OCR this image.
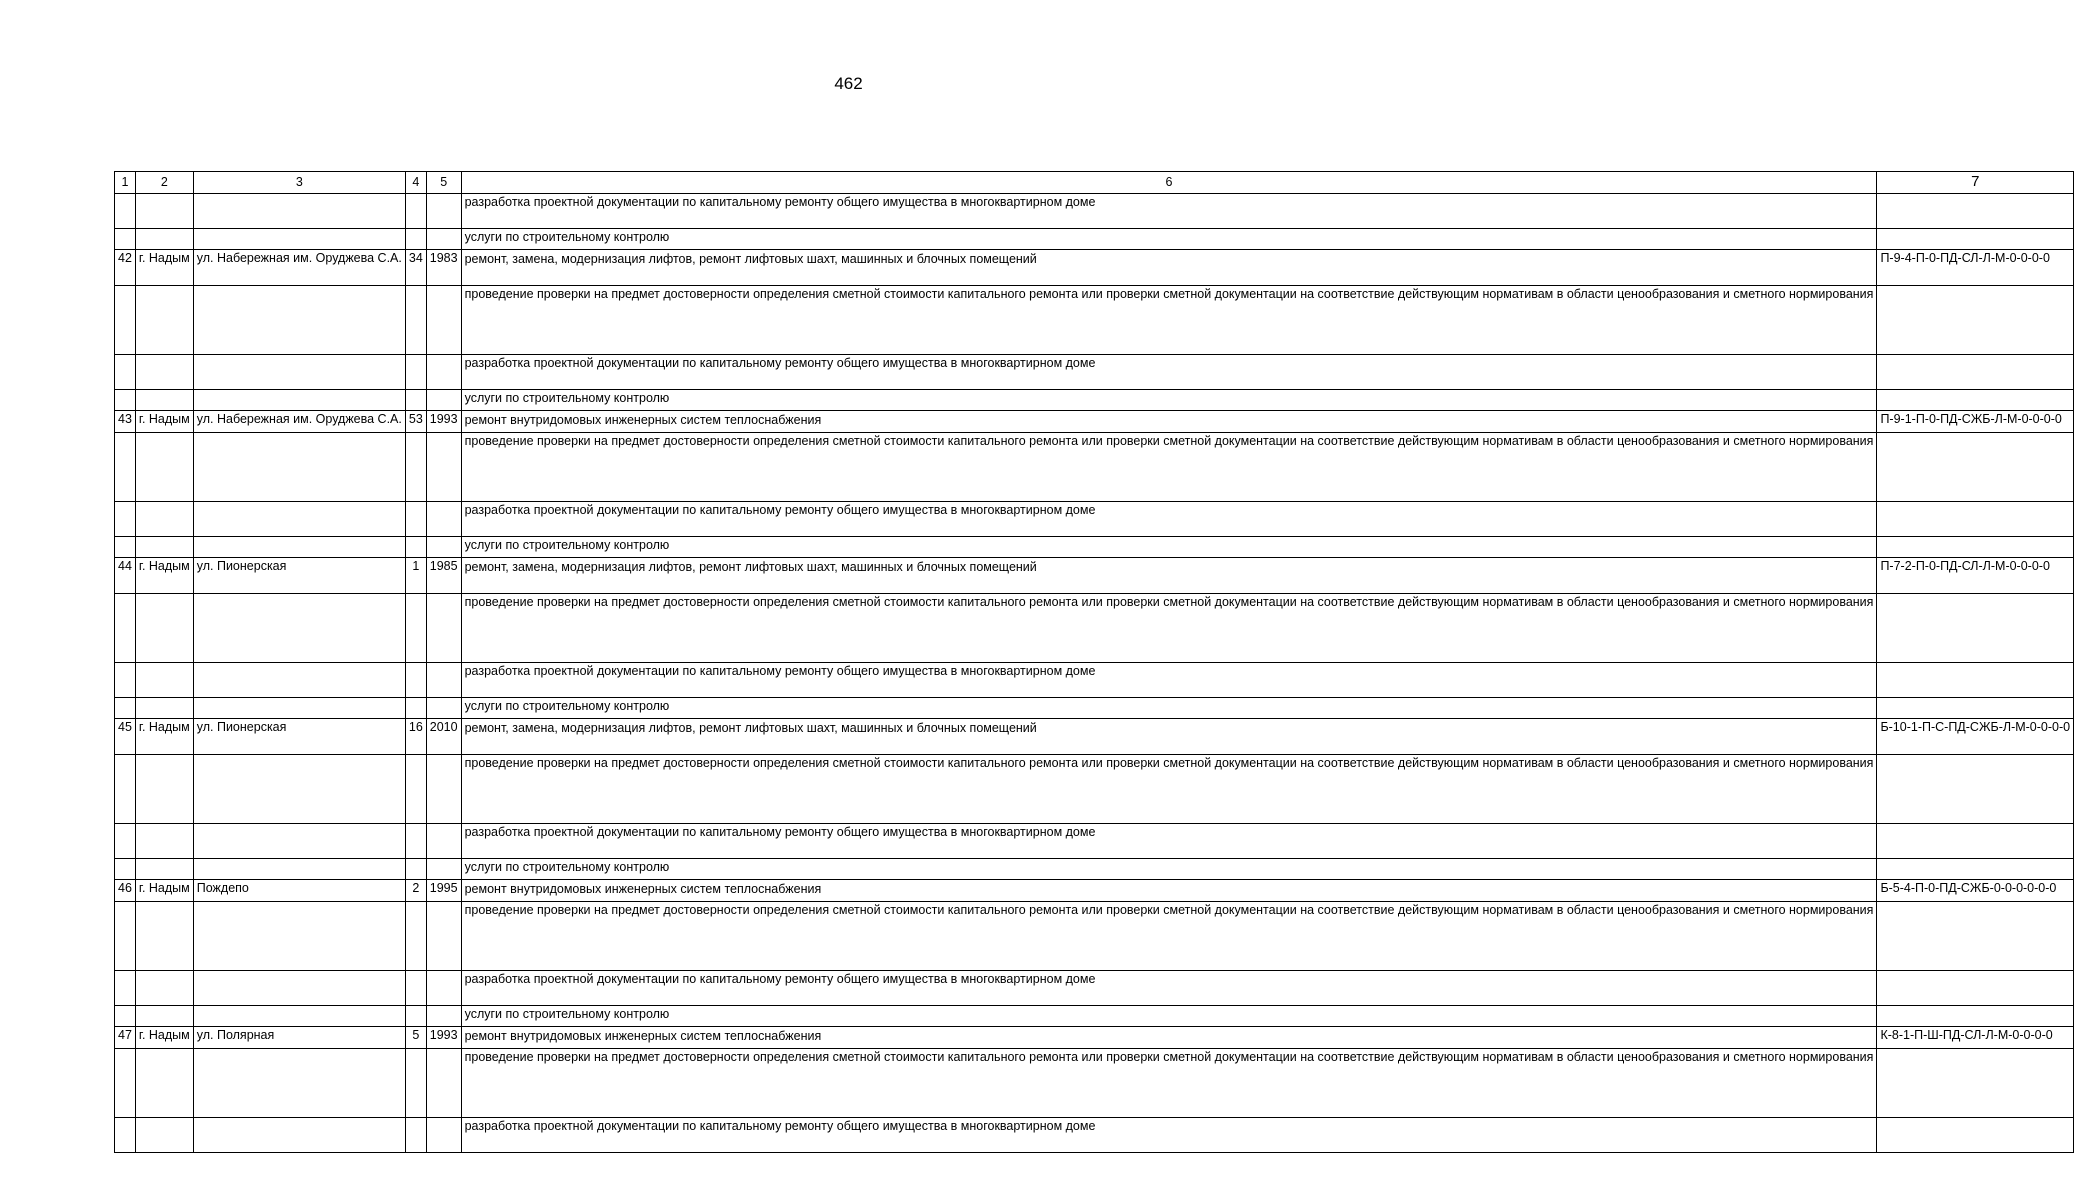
462
1	2	3	4	5	6	7
					разработка проектной документации по капитальному ремонту общего имущества в многоквартирном доме	
					услуги по строительному контролю	
42	г. Надым	ул. Набережная им. Оруджева С.А.	34	1983	ремонт, замена, модернизация лифтов, ремонт лифтовых шахт, машинных и блочных помещений	П-9-4-П-0-ПД-СЛ-Л-М-0-0-0-0
					проведение проверки на предмет достоверности определения сметной стоимости капитального ремонта или проверки сметной документации на соответствие действующим нормативам в области ценообразования и сметного нормирования	
					разработка проектной документации по капитальному ремонту общего имущества в многоквартирном доме	
					услуги по строительному контролю	
43	г. Надым	ул. Набережная им. Оруджева С.А.	53	1993	ремонт внутридомовых инженерных систем теплоснабжения	П-9-1-П-0-ПД-СЖБ-Л-М-0-0-0-0
					проведение проверки на предмет достоверности определения сметной стоимости капитального ремонта или проверки сметной документации на соответствие действующим нормативам в области ценообразования и сметного нормирования	
					разработка проектной документации по капитальному ремонту общего имущества в многоквартирном доме	
					услуги по строительному контролю	
44	г. Надым	ул. Пионерская	1	1985	ремонт, замена, модернизация лифтов, ремонт лифтовых шахт, машинных и блочных помещений	П-7-2-П-0-ПД-СЛ-Л-М-0-0-0-0
					проведение проверки на предмет достоверности определения сметной стоимости капитального ремонта или проверки сметной документации на соответствие действующим нормативам в области ценообразования и сметного нормирования	
					разработка проектной документации по капитальному ремонту общего имущества в многоквартирном доме	
					услуги по строительному контролю	
45	г. Надым	ул. Пионерская	16	2010	ремонт, замена, модернизация лифтов, ремонт лифтовых шахт, машинных и блочных помещений	Б-10-1-П-С-ПД-СЖБ-Л-М-0-0-0-0
					проведение проверки на предмет достоверности определения сметной стоимости капитального ремонта или проверки сметной документации на соответствие действующим нормативам в области ценообразования и сметного нормирования	
					разработка проектной документации по капитальному ремонту общего имущества в многоквартирном доме	
					услуги по строительному контролю	
46	г. Надым	Пождепо	2	1995	ремонт внутридомовых инженерных систем теплоснабжения	Б-5-4-П-0-ПД-СЖБ-0-0-0-0-0-0
					проведение проверки на предмет достоверности определения сметной стоимости капитального ремонта или проверки сметной документации на соответствие действующим нормативам в области ценообразования и сметного нормирования	
					разработка проектной документации по капитальному ремонту общего имущества в многоквартирном доме	
					услуги по строительному контролю	
47	г. Надым	ул. Полярная	5	1993	ремонт внутридомовых инженерных систем теплоснабжения	К-8-1-П-Ш-ПД-СЛ-Л-М-0-0-0-0
					проведение проверки на предмет достоверности определения сметной стоимости капитального ремонта или проверки сметной документации на соответствие действующим нормативам в области ценообразования и сметного нормирования	
					разработка проектной документации по капитальному ремонту общего имущества в многоквартирном доме	
